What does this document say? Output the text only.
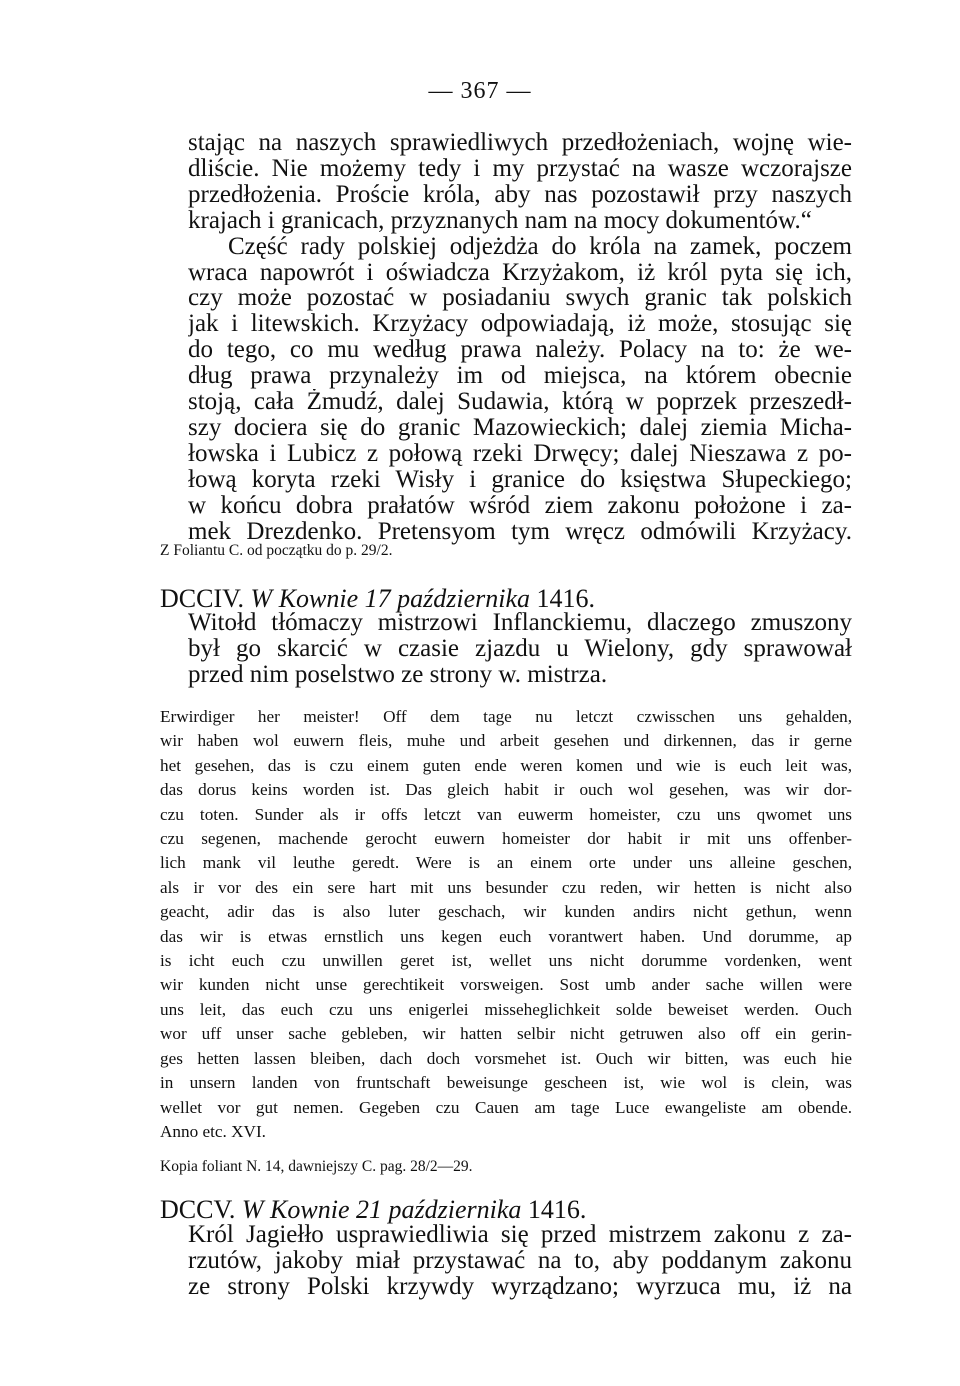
— 367 —
stając na naszych sprawiedliwych przedłożeniach, wojnę wie-
dliście. Nie możemy tedy i my przystać na wasze wczorajsze
przedłożenia. Proście króla, aby nas pozostawił przy naszych
krajach i granicach, przyznanych nam na mocy dokumentów.“
Część rady polskiej odjeżdża do króla na zamek, poczem
wraca napowrót i oświadcza Krzyżakom, iż król pyta się ich,
czy może pozostać w posiadaniu swych granic tak polskich
jak i litewskich. Krzyżacy odpowiadają, iż może, stosując się
do tego, co mu według prawa należy. Polacy na to: że we-
dług prawa przynależy im od miejsca, na którem obecnie
stoją, cała Żmudź, dalej Sudawia, którą w poprzek przeszedł-
szy dociera się do granic Mazowieckich; dalej ziemia Micha-
łowska i Lubicz z połową rzeki Drwęcy; dalej Nieszawa z po-
łową koryta rzeki Wisły i granice do księstwa Słupeckiego;
w końcu dobra prałatów wśród ziem zakonu położone i za-
mek Drezdenko. Pretensyom tym wręcz odmówili Krzyżacy.
Z Foliantu C. od początku do p. 29/2.
DCCIV. W Kownie 17 października 1416.
Witołd tłómaczy mistrzowi Inflanckiemu, dlaczego zmuszony
był go skarcić w czasie zjazdu u Wielony, gdy sprawował
przed nim poselstwo ze strony w. mistrza.
Erwirdiger her meister! Off dem tage nu letczt czwisschen uns gehalden,
wir haben wol euwern fleis, muhe und arbeit gesehen und dirkennen, das ir gerne
het gesehen, das is czu einem guten ende weren komen und wie is euch leit was,
das dorus keins worden ist. Das gleich habit ir ouch wol gesehen, was wir dor-
czu toten. Sunder als ir offs letczt van euwerm homeister, czu uns qwomet uns
czu segenen, machende gerocht euwern homeister dor habit ir mit uns offenber-
lich mank vil leuthe geredt. Were is an einem orte under uns alleine geschen,
als ir vor des ein sere hart mit uns besunder czu reden, wir hetten is nicht also
geacht, adir das is also luter geschach, wir kunden andirs nicht gethun, wenn
das wir is etwas ernstlich uns kegen euch vorantwert haben. Und dorumme, ap
is icht euch czu unwillen geret ist, wellet uns nicht dorumme vordenken, went
wir kunden nicht unse gerechtikeit vorsweigen. Sost umb ander sache willen were
uns leit, das euch czu uns enigerlei misseheglichkeit solde beweiset werden. Ouch
wor uff unser sache gebleben, wir hatten selbir nicht getruwen also off ein gerin-
ges hetten lassen bleiben, dach doch vorsmehet ist. Ouch wir bitten, was euch hie
in unsern landen von fruntschaft beweisunge gescheen ist, wie wol is clein, was
wellet vor gut nemen. Gegeben czu Cauen am tage Luce ewangeliste am obende.
Anno etc. XVI.
Kopia foliant N. 14, dawniejszy C. pag. 28/2—29.
DCCV. W Kownie 21 października 1416.
Król Jagiełło usprawiedliwia się przed mistrzem zakonu z za-
rzutów, jakoby miał przystawać na to, aby poddanym zakonu
ze strony Polski krzywdy wyrządzano; wyrzuca mu, iż na
